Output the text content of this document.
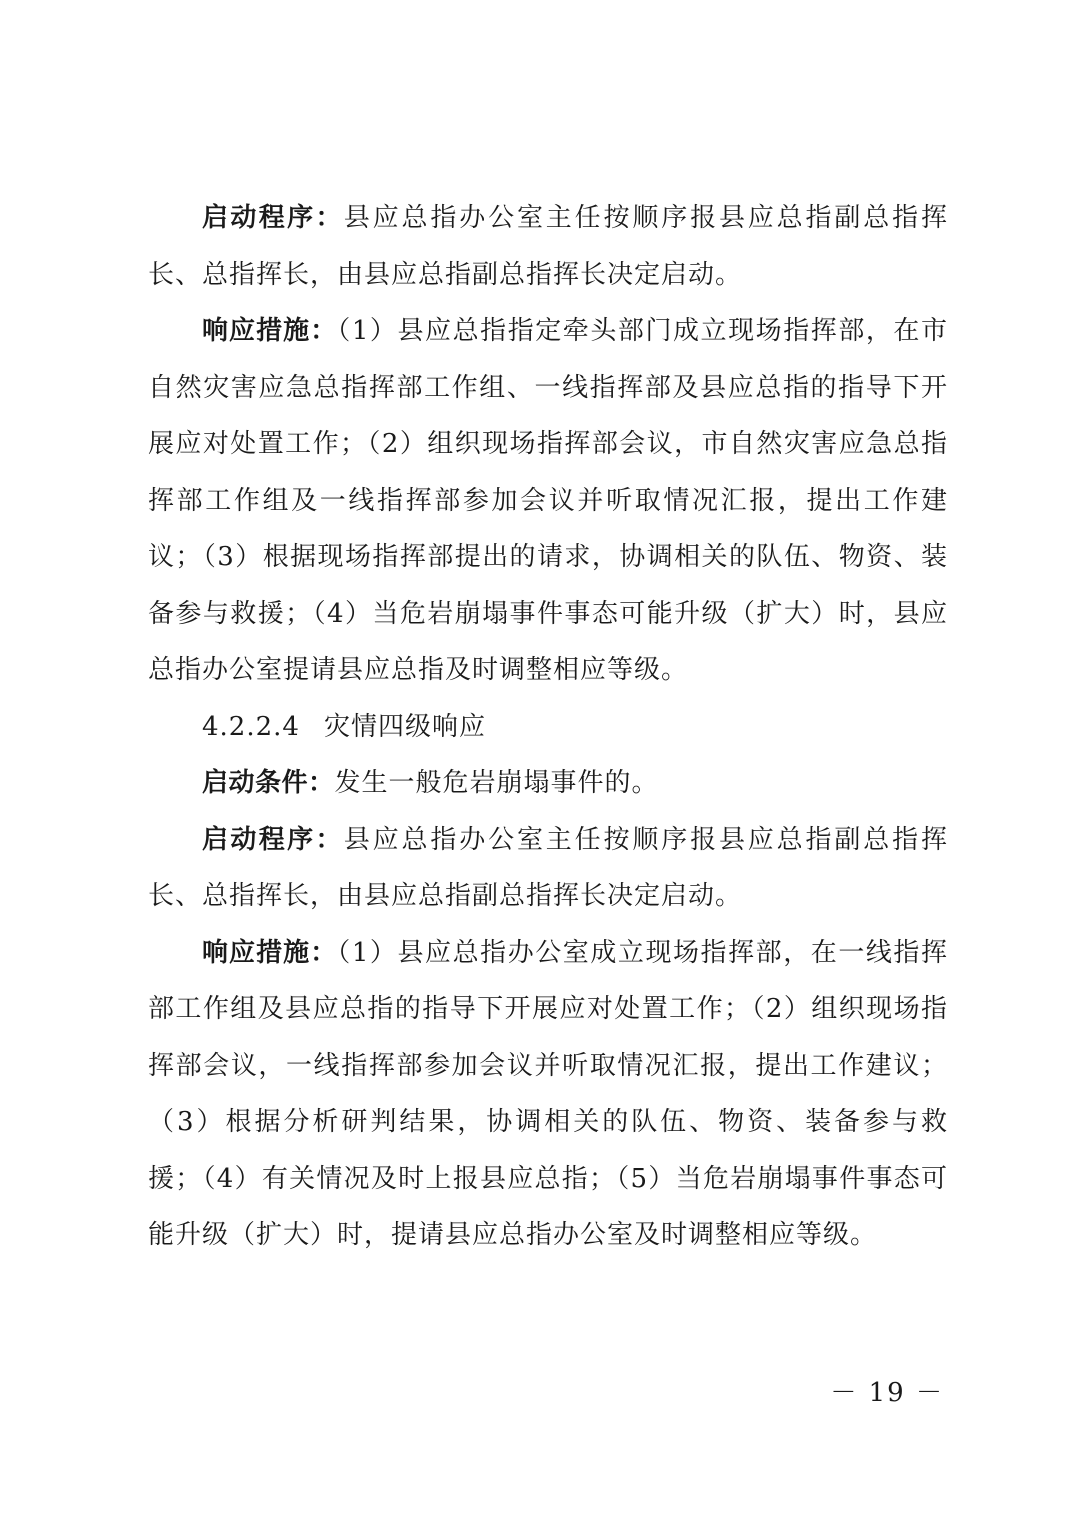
启动程序：县应总指办公室主任按顺序报县应总指副总指挥长、总指挥长，由县应总指副总指挥长决定启动。

响应措施：（1）县应总指指定牵头部门成立现场指挥部，在市自然灾害应急总指挥部工作组、一线指挥部及县应总指的指导下开展应对处置工作；（2）组织现场指挥部会议，市自然灾害应急总指挥部工作组及一线指挥部参加会议并听取情况汇报，提出工作建议；（3）根据现场指挥部提出的请求，协调相关的队伍、物资、装备参与救援；（4）当危岩崩塌事件事态可能升级（扩大）时，县应总指办公室提请县应总指及时调整相应等级。

4.2.2.4 灾情四级响应

启动条件：发生一般危岩崩塌事件的。

启动程序：县应总指办公室主任按顺序报县应总指副总指挥长、总指挥长，由县应总指副总指挥长决定启动。

响应措施：（1）县应总指办公室成立现场指挥部，在一线指挥部工作组及县应总指的指导下开展应对处置工作；（2）组织现场指挥部会议，一线指挥部参加会议并听取情况汇报，提出工作建议；（3）根据分析研判结果，协调相关的队伍、物资、装备参与救援；（4）有关情况及时上报县应总指；（5）当危岩崩塌事件事态可能升级（扩大）时，提请县应总指办公室及时调整相应等级。

－ 19 －
